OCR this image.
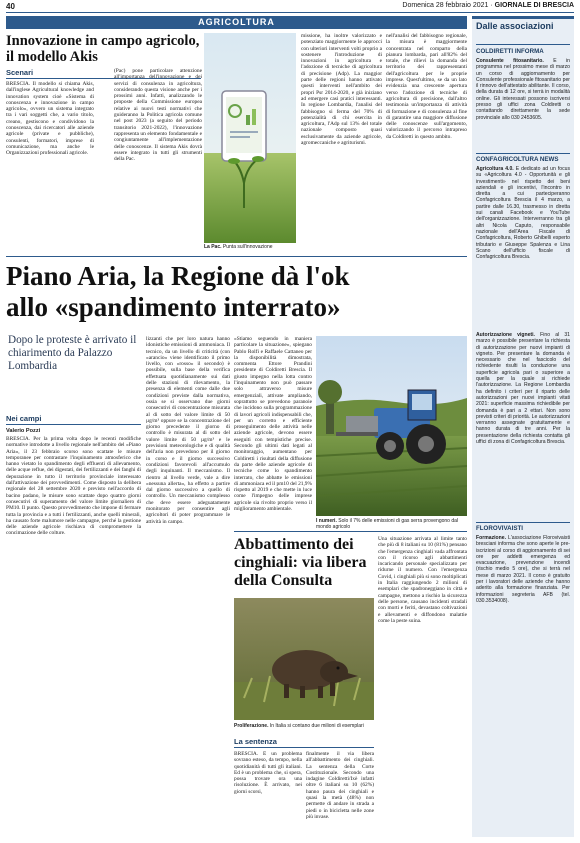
40	Domenica 28 febbraio 2021 · GIORNALE DI BRESCIA
AGRICOLTURA
Innovazione in campo agricolo, il modello Akis
Scenari
BRESCIA. Il modello si chiama Akis, dall'inglese Agricultural knowledge and innovation system cioè «Sistema di conoscenza e innovazione in campo agricolo», ovvero un sistema integrato tra i vari soggetti che, a vario titolo, creano, gestiscono e condividono la conoscenza, dai ricercatori alle aziende agricole (private e pubbliche), consulenti, formatori, imprese di comunicazione, ma anche le Organizzazioni professionali agricole.
(Pac) pone particolare attenzione all'importanza dell'innovazione e dei servizi di consulenza in agricoltura, considerando questa visione anche per i prossimi anni. Infatti, analizzando le proposte della Commissione europea relative ai nuovi testi normativi che guideranno la Politica agricola comune nel post 2023 (a seguito del periodo transitorio 2021-2022), l'innovazione rappresenta un elemento fondamentale e congiuntamente all'implementazione delle conoscenze. Il sistema Akis dovrà essere integrato in tutti gli strumenti della Pac.
La Pac. Punta sull'innovazione
missione, ha inoltre valorizzato e potenziato maggiormente le approcci con ulteriori interventi volti proprio a sostenere l'introduzione di innovazioni in agricoltura e l'adozione di tecniche di agricoltura di precisione (Adp). La maggior parte delle regioni hanno attivato questi interventi nell'ambito dei propri Psr 2014-2020, e già iniziano ad emergere casi pratici interessanti. In regione Lombardia, l'analisi del fabbisogno si ferma del 70% di potenzialità di chi esercita in agricoltura, l'Adp sul 13% del totale nazionale composto quasi esclusivamente da aziende agricole, agromeccaniche e agriturismi.
nell'analisi del fabbisogno regionale, la misura è maggiormente concentrata nel comparto della pianura lombarda, pari all'82% del totale, che rilievi la domanda del territorio dei rappresentanti dell'agricoltura per le proprie imprese. Quest'ultimo, se da un lato evidenzia una crescente apertura verso l'adozione di tecniche di agricoltura di precisione, dall'altro testimonia un'importanza di attività di formazione e di consulenza al fine di garantire una maggiore diffusione delle conoscenze sull'argomento, valorizzando il percorso intrapreso da Coldiretti in questo ambito.
Piano Aria, la Regione dà l'ok
allo «spandimento interrato»
Dopo le proteste è arrivato il chiarimento da Palazzo Lombardia
Nei campi
Valerio Pozzi
BRESCIA. Per la prima volta dopo le recenti modifiche normative introdotte a livello regionale nell'ambito del «Piano Aria», il 23 febbraio scorso sono scattate le misure temporanee per contrastare l'inquinamento atmosferico che hanno vietato lo spandimento degli effluenti di allevamento, delle acque reflue, dei digestati, dei fertilizzanti e dei fanghi di depurazione in tutto il territorio provinciale interessato dall'attivazione dei provvedimenti. Come disposto la delibera regionale del 28 settembre 2020 e previsto nell'accordo di bacino padano, le misure sono scattate dopo quattro giorni consecutivi di superamento del valore limite giornaliero di PM10. Il punto. Questo provvedimento che impone di fermare tutta la provincia e a tutti i fertilizzanti, anche quelli minerali, ha causato forte malumore nelle campagne, perché la gestione delle aziende agricole rischiava di compromettere la concimazione delle colture.
lizzanti che per loro natura hanno idonistiche emissioni di ammoniaca. Il tecnico, da un livello di criticità (con «arancio» viene identificato il primo livello, con «rosso» il secondo) è possibile, sulla base della verifica effettuata quotidianamente sui dati delle stazioni di rilevamento, la presenza di elementi come dalle due condizioni previste dalla normativa, ossia se si osservano due giorni consecutivi di concentrazione misurata al di sotto del valore limite di 50 µg/m³ oppure se la concentrazione del giorno precedente il giorno di controllo è misurata al di sotto del valore limite di 50 µg/m³ e le previsioni meteorologiche e di qualità dell'aria non prevedono per il giorno in corso e il giorno successivo condizioni favorevoli all'accumulo degli inquinanti. Il meccanismo. Il rientro al livello verde, vale a dire «nessuna allerta», ha effetto a partire dal giorno successivo a quello di controllo. Un meccanismo complesso che deve essere adeguatamente monitorato per consentire agli agricoltori di poter programmare le attività in campo.
«Stiamo seguendo in maniera particolare la situazione», spiegano Pablo Rolfi e Raffaele Cattaneo per la disponibilità dimostrata, commenta Ettore Prandini presidente di Coldiretti Brescia. Il giusto impegno nella lotta contro l'inquinamento non può passare solo attraverso misure emergenziali, attivate ampliando, soprattutto se prevedono paranoie che incidono sulla programmazione di lavori agricoli indispensabili che, per un corretto e efficiente proseguimento delle attività nelle aziende agricole, devono essere eseguiti con tempistiche precise. Secondo gli ultimi dati legati al monitoraggio, aumentano per Coldiretti i risultati della diffusione da parte delle aziende agricole di tecniche come lo spandimento interrato, che abbatte le emissioni di ammoniaca ed il pm10 del 21,9% rispetto al 2019 e che mette in luce come l'impegno delle imprese agricole sia rivolto proprio verso il miglioramento ambientale.
I numeri. Solo il 7% delle emissioni di gas serra provengono dal mondo agricolo
Abbattimento dei cinghiali: via libera della Consulta
Proliferazione. In Italia si contano due milioni di esemplari
La sentenza
BRESCIA. È un problema sovrano esteso, da tempo, nella quotidianità di tutti gli italiani. Ed è un problema che, si spera, possa trovare ora una risoluzione. È arrivato, nei giorni scorsi,
finalmente il via libera all'abbattimento dei cinghiali. La sentenza della Corte Costituzionale. Secondo una indagine Coldiretti/Ixè infatti oltre 6 italiani su 10 (62%) hanno paura dei cinghiali e quasi la metà (48%) non permette di andare in strada a piedi o in bicicletta nelle zone più invase.
Una situazione arrivata al limite tanto che più di 8 italiani su 10 (81%) pensano che l'emergenza cinghiali vada affrontata con il ricorso agli abbattimenti incaricando personale specializzato per ridurne il numero. Con l'emergenza Covid, i cinghiali più si sono moltiplicati in Italia raggiungendo 2 milioni di esemplari che spadroneggiano in città e campagne, mettono a rischio la sicurezza delle persone, causano incidenti stradali con morti e feriti, devastano coltivazioni e allevamenti e diffondono malattie come la peste suina.
Dalle associazioni
COLDIRETTI INFORMA
Consulente fitosanitario. È in programma nel prossimo mese di marzo un corso di aggiornamento per Consulente professionale fitosanitario per il rinnovo dell'attestato abilitante. Il corso, della durata di 12 ore, si terrà in modalità online. Gli interessati possono iscriversi presso gli uffici zona Coldiretti o contattando direttamente la sede provinciale allo 030 2453605.
CONFAGRICOLTURA NEWS
Agricoltura 4.0. È dedicato ad un focus su «Agricoltura 4.0 - Opportunità e gli investimenti» nel rispetto dei beni aziendali e gli incentivi, l'incontro in diretta a cui parteciperanno Confagricoltura Brescia il 4 marzo, a partire dalle 16.30, trasmesso in diretta sui canali Facebook e YouTube dell'organizzazione. Interverranno tra gli altri Nicola Caputo, responsabile nazionale dell'Area Fiscale di Confagricoltura, Roberto Ghibelli esperto tributario e Giuseppe Spalenza e Lina Scano dell'ufficio fiscale di Confagricoltura Brescia.
Autorizzazione vigneti. Fino al 31 marzo è possibile presentare la richiesta di autorizzazione per nuovi impianti di vigneto. Per presentare la domanda è necessario che nel fascicolo del richiedente risulti la conduzione una superficie agricola pari o superiore a quella per la quale si richiede l'autorizzazione. La Regione Lombardia ha definito i criteri per il riparto delle autorizzazioni per nuovi impianti vitati 2021: superficie massima richiedibile per domanda è pari a 2 ettari. Non sono previsti criteri di priorità. Le autorizzazioni verranno assegnate gratuitamente e hanno durata di tre anni. Per la presentazione della richiesta contatta gli uffici di zona di Confagricoltura Brescia.
FLOROVIVAISTI
Formazione. L'associazione Florovivaisti bresciani informa che sono aperte le pre-iscrizioni al corso di aggiornamento di sei ore per addetti emergenza ed evacuazione, prevenzione incendi (rischio medio 5 ore), che si terrà nel mese di marzo 2021. Il corso è gratuito per i lavoratori delle aziende che hanno aderito alla formazione finanziata. Per informazioni segreteria AFB (tel. 030.3534008).
